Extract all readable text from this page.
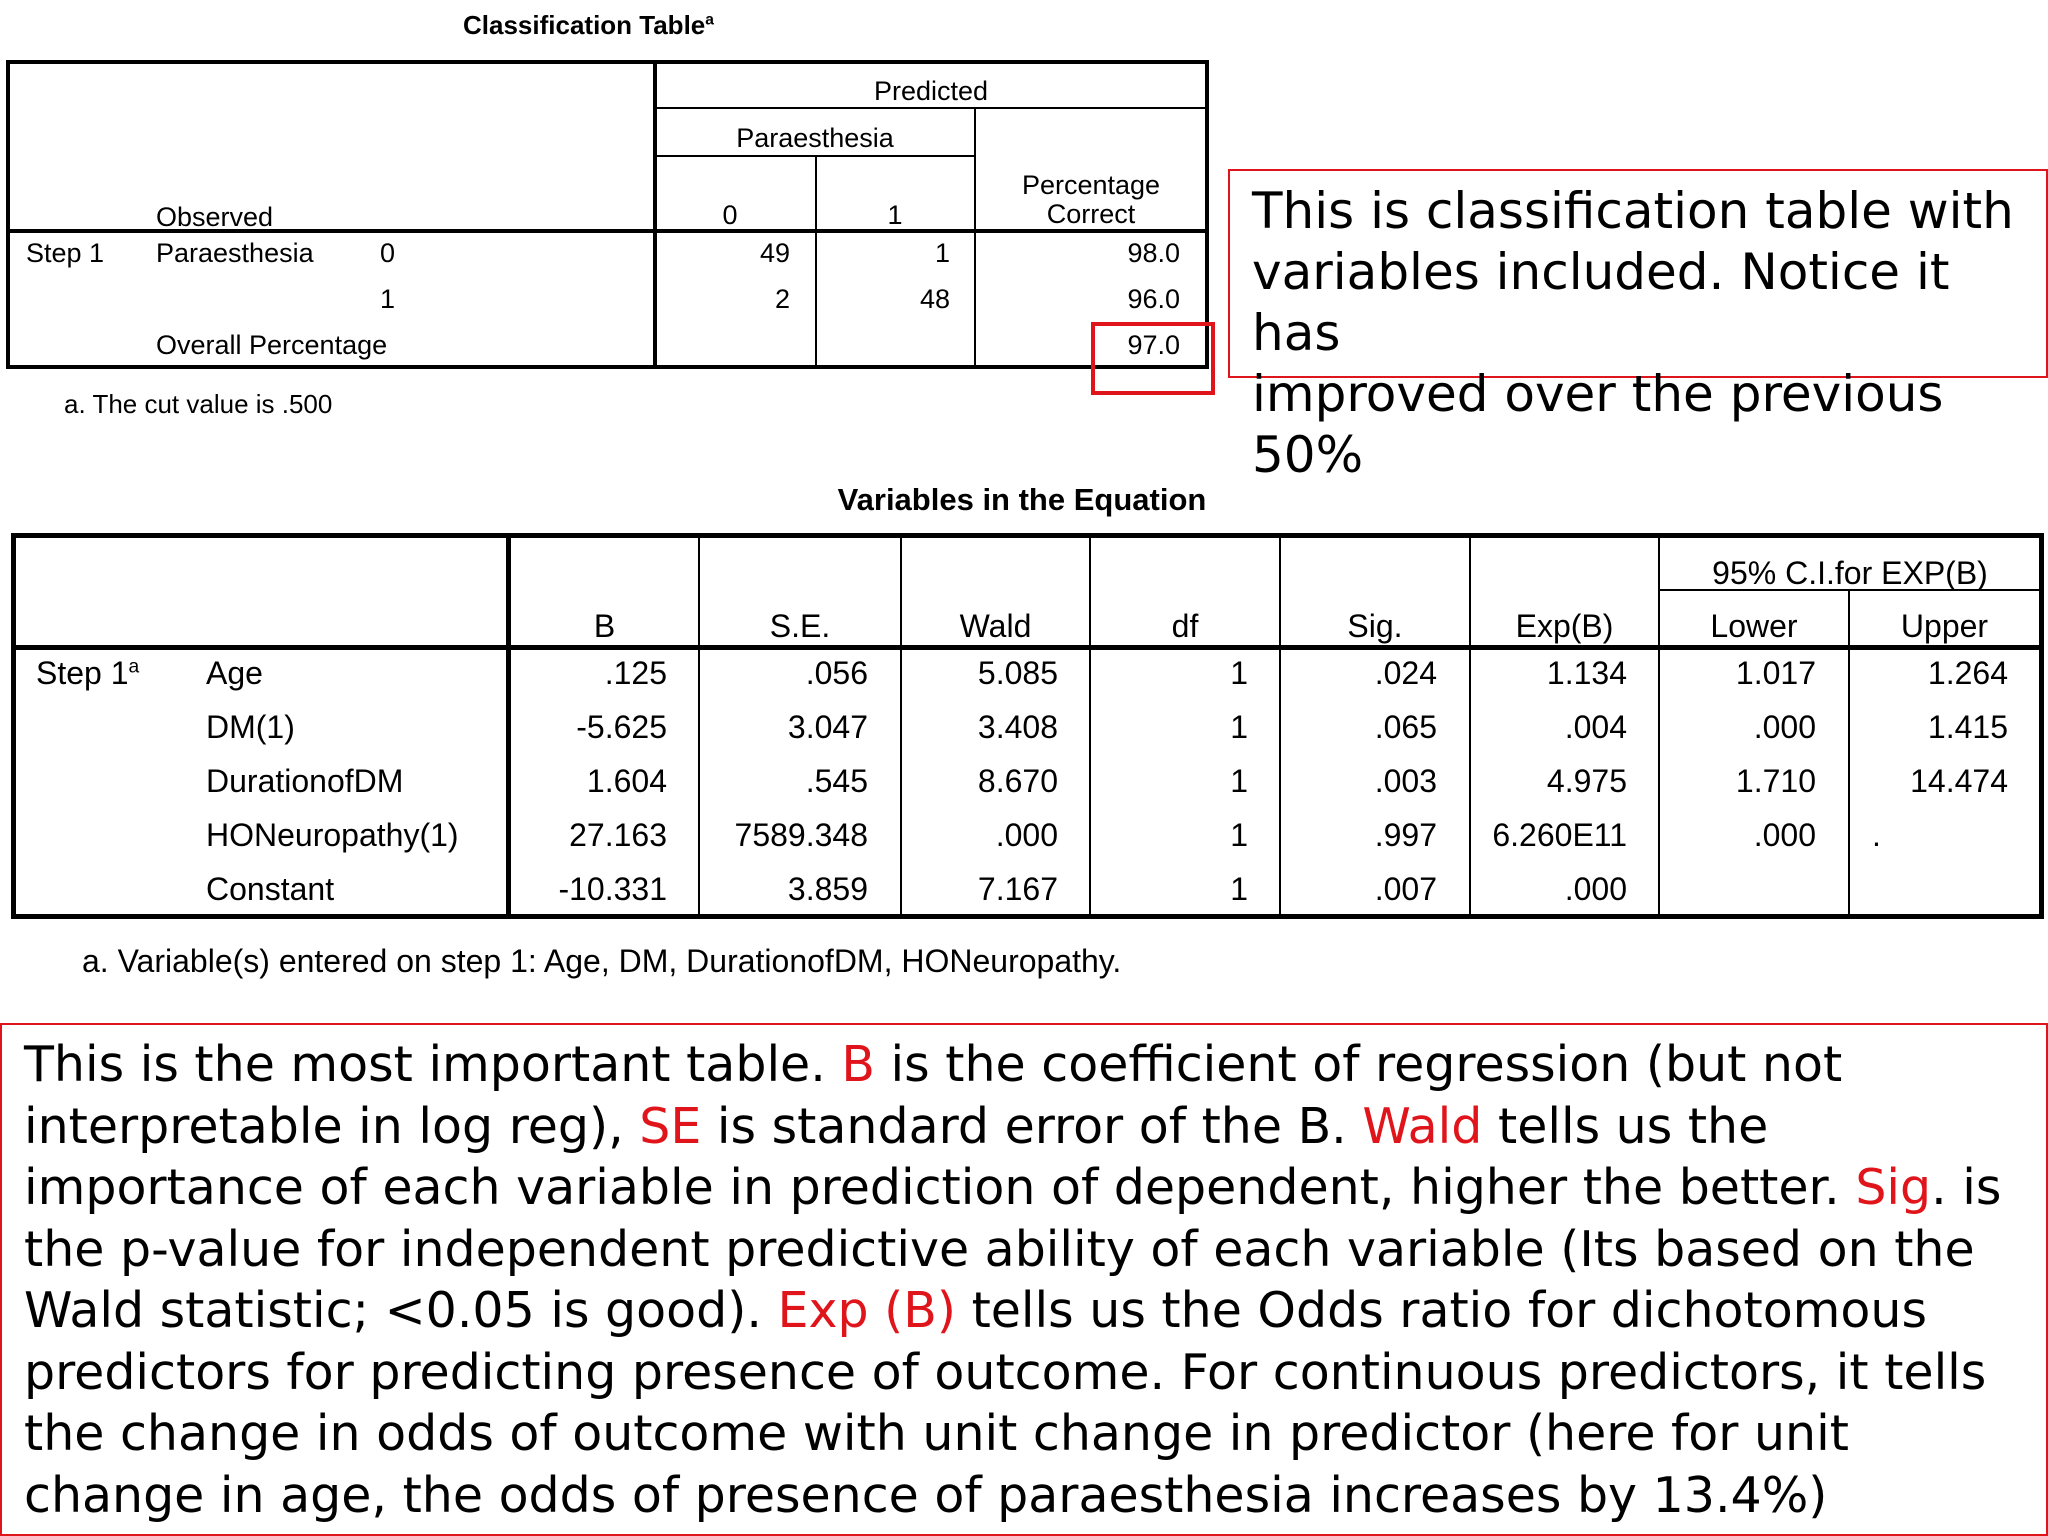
Classification Table$^a$
Predicted
Paraesthesia
0	1
Percentage
Correct
Observed
Step 1 Paraesthesia 0	49	1	98.0
1	2	48	96.0
Overall Percentage	97.0
a. The cut value is .500
This is classification table with
variables included. Notice it has
improved over the previous 50%
Variables in the Equation
95% C.I.for EXP(B)
B	S.E.	Wald	df	Sig.	Exp(B)	Lower	Upper
Step 1$^a$ Age	.125	.056	5.085	1	.024	1.134	1.017	1.264
DM(1)	-5.625	3.047	3.408	1	.065	.004	.000	1.415
DurationofDM	1.604	.545	8.670	1	.003	4.975	1.710	14.474
HONeuropathy(1)	27.163	7589.348	.000	1	.997	6.260E11	.000 .
Constant	-10.331	3.859	7.167	1	.007	.000
a. Variable(s) entered on step 1: Age, DM, DurationofDM, HONeuropathy.
This is the most important table. B is the coefficient of regression (but not interpretable in log reg), SE is standard error of the B. Wald tells us the importance of each variable in prediction of dependent, higher the better. Sig. is the p-value for independent predictive ability of each variable (Its based on the Wald statistic; <0.05 is good). Exp (B) tells us the Odds ratio for dichotomous predictors for predicting presence of outcome. For continuous predictors, it tells the change in odds of outcome with unit change in predictor (here for unit change in age, the odds of presence of paraesthesia increases by 13.4%)
